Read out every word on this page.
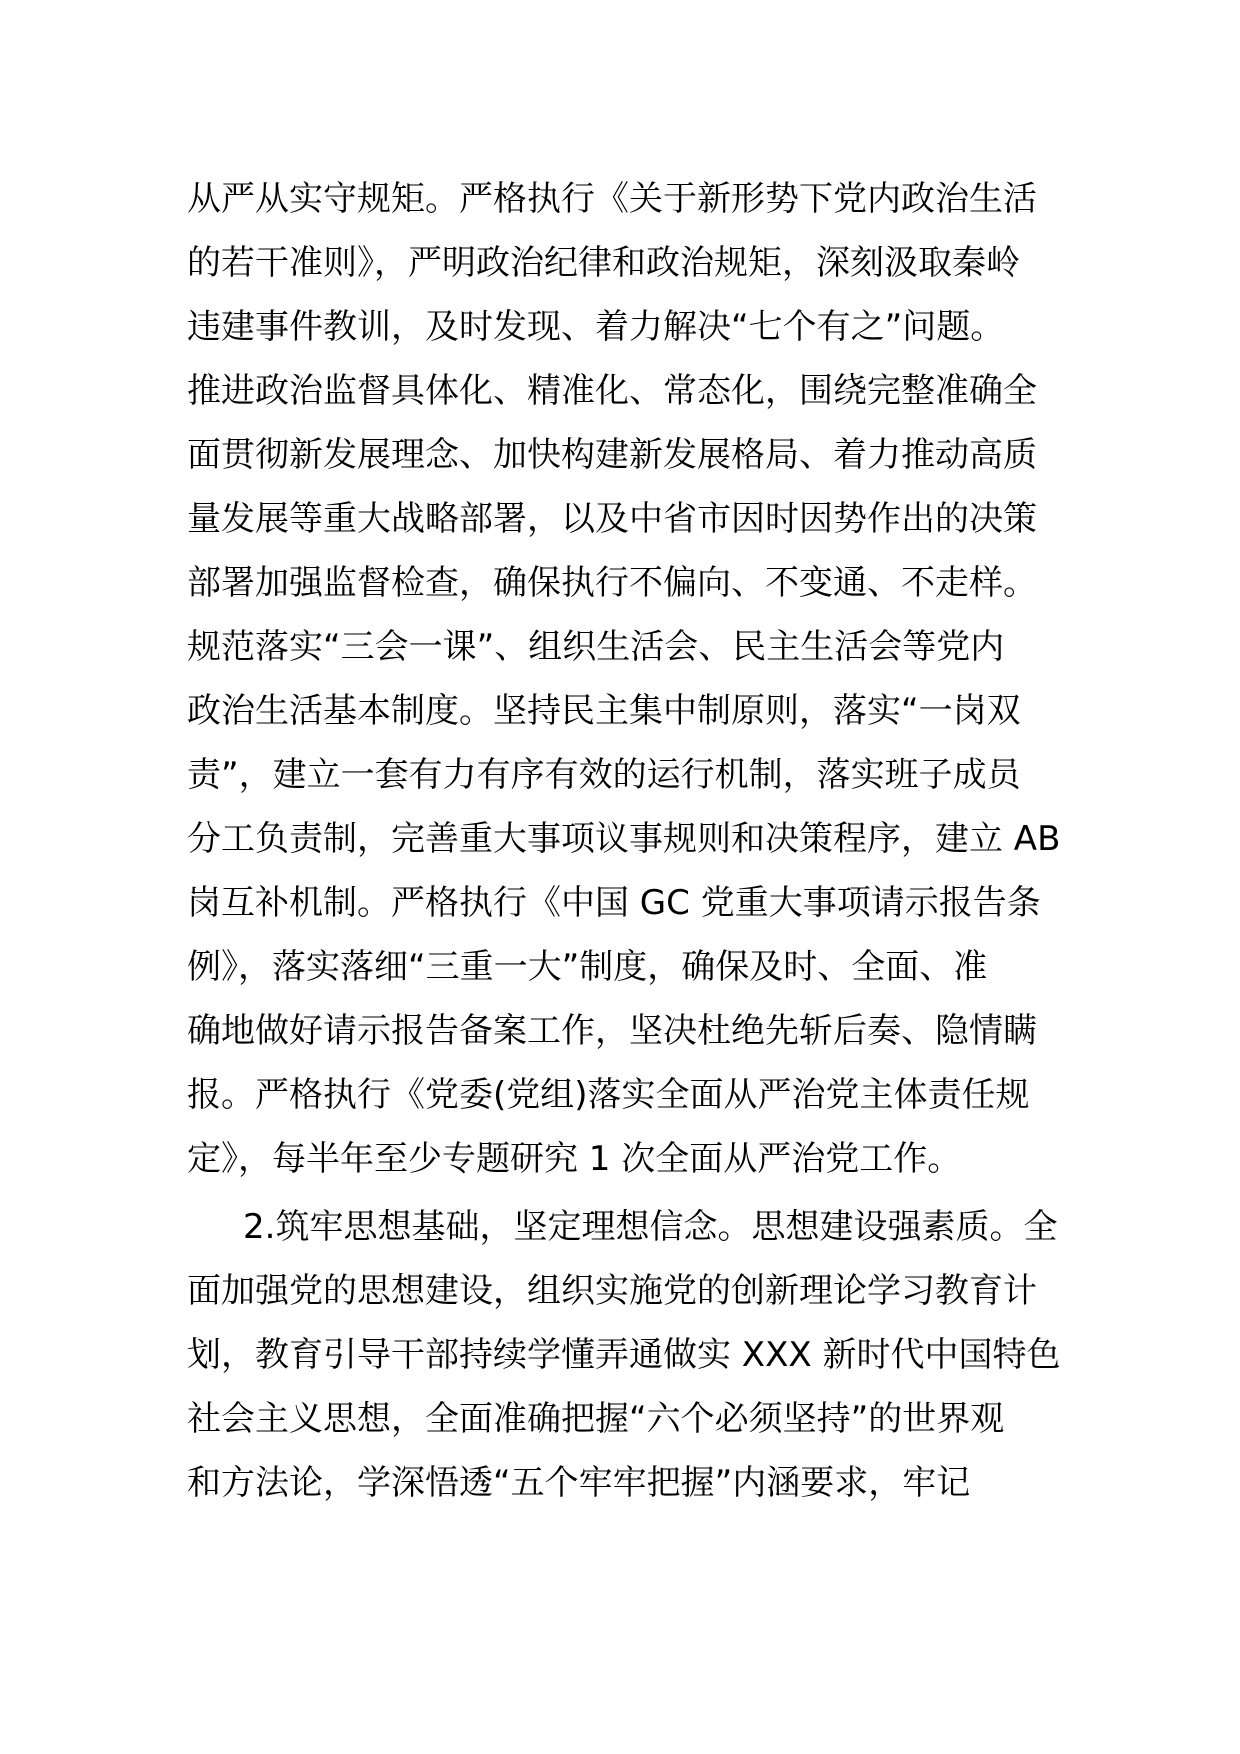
从严从实守规矩。严格执行《关于新形势下党内政治生活
的若干准则》，严明政治纪律和政治规矩，深刻汲取秦岭
违建事件教训，及时发现、着力解决“七个有之”问题。
推进政治监督具体化、精准化、常态化，围绕完整准确全
面贯彻新发展理念、加快构建新发展格局、着力推动高质
量发展等重大战略部署，以及中省市因时因势作出的决策
部署加强监督检查，确保执行不偏向、不变通、不走样。
规范落实“三会一课”、组织生活会、民主生活会等党内
政治生活基本制度。坚持民主集中制原则，落实“一岗双
责”，建立一套有力有序有效的运行机制，落实班子成员
分工负责制，完善重大事项议事规则和决策程序，建立 AB
岗互补机制。严格执行《中国 GC 党重大事项请示报告条
例》，落实落细“三重一大”制度，确保及时、全面、准
确地做好请示报告备案工作，坚决杜绝先斩后奏、隐情瞒
报。严格执行《党委(党组)落实全面从严治党主体责任规
定》，每半年至少专题研究 1 次全面从严治党工作。
2.筑牢思想基础，坚定理想信念。思想建设强素质。全
面加强党的思想建设，组织实施党的创新理论学习教育计
划，教育引导干部持续学懂弄通做实 XXX 新时代中国特色
社会主义思想，全面准确把握“六个必须坚持”的世界观
和方法论，学深悟透“五个牢牢把握”内涵要求，牢记
